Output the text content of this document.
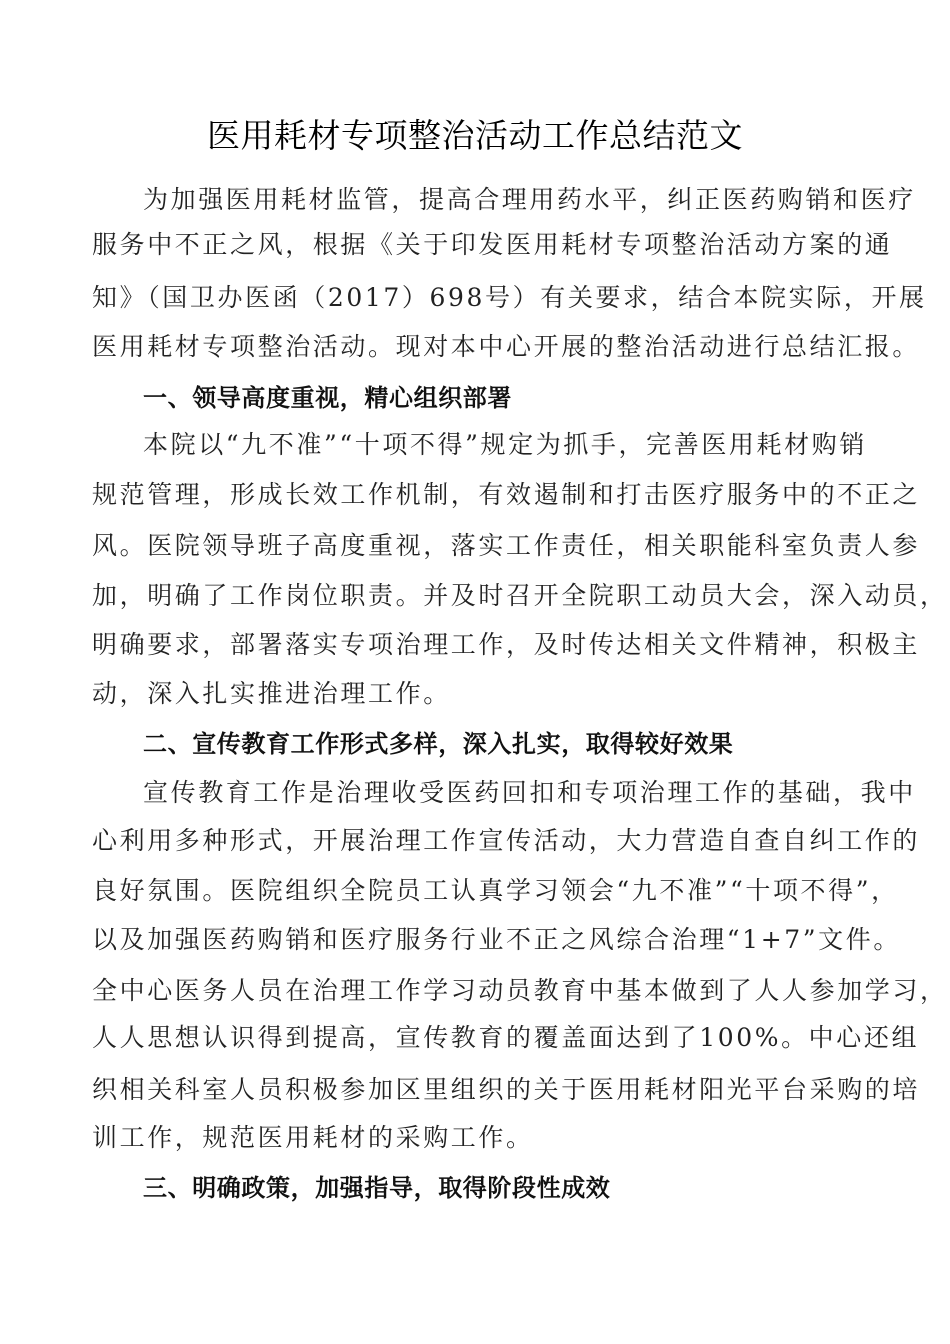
医用耗材专项整治活动工作总结范文
为加强医用耗材监管，提高合理用药水平，纠正医药购销和医疗
服务中不正之风，根据《关于印发医用耗材专项整治活动方案的通
知》（国卫办医函（2017）698号）有关要求，结合本院实际，开展
医用耗材专项整治活动。现对本中心开展的整治活动进行总结汇报。
一、领导高度重视，精心组织部署
本院以“九不准”“十项不得”规定为抓手，完善医用耗材购销
规范管理，形成长效工作机制，有效遏制和打击医疗服务中的不正之
风。医院领导班子高度重视，落实工作责任，相关职能科室负责人参
加，明确了工作岗位职责。并及时召开全院职工动员大会，深入动员，
明确要求，部署落实专项治理工作，及时传达相关文件精神，积极主
动，深入扎实推进治理工作。
二、宣传教育工作形式多样，深入扎实，取得较好效果
宣传教育工作是治理收受医药回扣和专项治理工作的基础，我中
心利用多种形式，开展治理工作宣传活动，大力营造自查自纠工作的
良好氛围。医院组织全院员工认真学习领会“九不准”“十项不得”，
以及加强医药购销和医疗服务行业不正之风综合治理“1+7”文件。
全中心医务人员在治理工作学习动员教育中基本做到了人人参加学习，
人人思想认识得到提高，宣传教育的覆盖面达到了100%。中心还组
织相关科室人员积极参加区里组织的关于医用耗材阳光平台采购的培
训工作，规范医用耗材的采购工作。
三、明确政策，加强指导，取得阶段性成效
